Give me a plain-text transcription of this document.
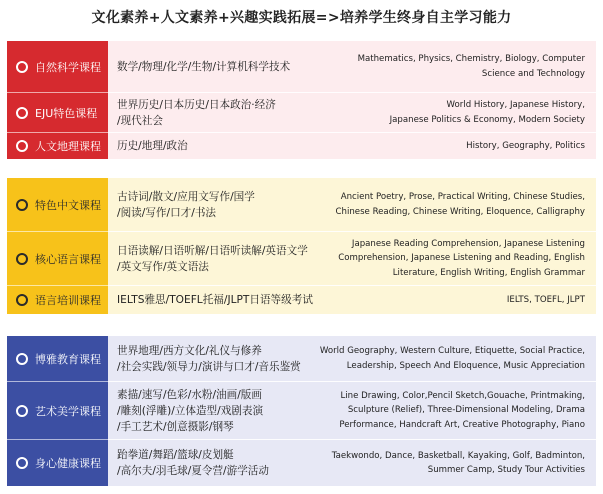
文化素养+人文素养+兴趣实践拓展=>培养学生终身自主学习能力
自然科学课程 数学/物理/化学/生物/计算机科学技术
Mathematics, Physics, Chemistry, Biology, Computer
Science and Technology
EJU特色课程
世界历史/日本历史/日本政治·经济
/现代社会
World History, Japanese History,
Japanese Politics & Economy, Modern Society
人文地理课程 历史/地理/政治	History, Geography, Politics
特色中文课程
古诗词/散文/应用文写作/国学
/阅读/写作/口才/书法
Ancient Poetry, Prose, Practical Writing, Chinese Studies,
Chinese Reading, Chinese Writing, Eloquence, Calligraphy
核心语言课程
日语读解/日语听解/日语听读解/英语文学
/英文写作/英文语法
Japanese Reading Comprehension, Japanese Listening
Comprehension, Japanese Listening and Reading, English
Literature, English Writing, English Grammar
语言培训课程 IELTS雅思/TOEFL托福/JLPT日语等级考试	IELTS, TOEFL, JLPT
博雅教育课程
世界地理/西方文化/礼仪与修养
/社会实践/领导力/演讲与口才/音乐鉴赏
World Geography, Western Culture, Etiquette, Social Practice,
Leadership, Speech And Eloquence, Music Appreciation
艺术美学课程
素描/速写/色彩/水粉/油画/版画
/雕刻(浮雕)/立体造型/戏剧表演
/手工艺术/创意摄影/钢琴
Line Drawing, Color,Pencil Sketch,Gouache, Printmaking,
Sculpture (Relief), Three-Dimensional Modeling, Drama
Performance, Handcraft Art, Creative Photography, Piano
身心健康课程
跆拳道/舞蹈/篮球/皮划艇
/高尔夫/羽毛球/夏令营/游学活动
Taekwondo, Dance, Basketball, Kayaking, Golf, Badminton,
Summer Camp, Study Tour Activities
